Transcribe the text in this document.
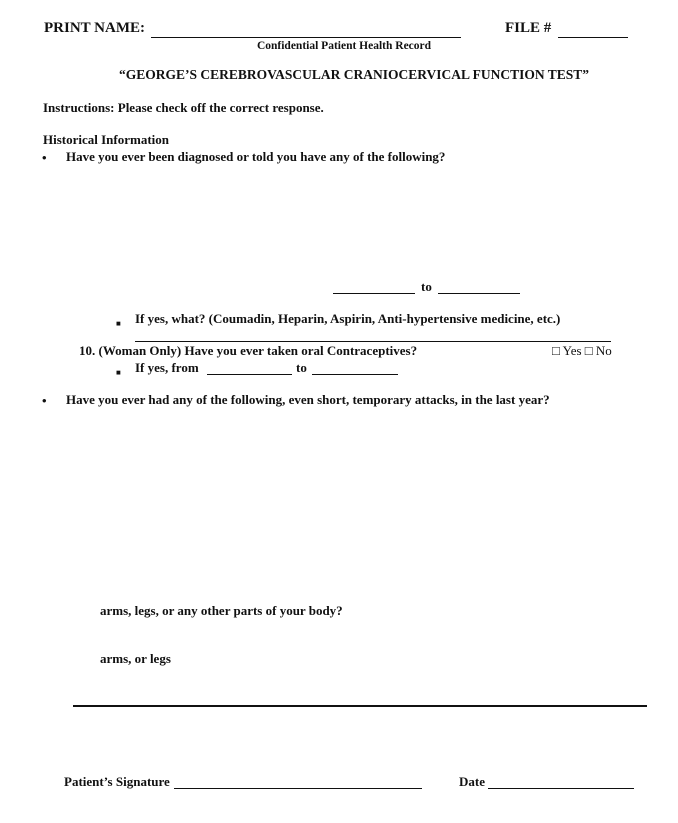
PRINT NAME:	FILE #
Confidential Patient Health Record
“GEORGE’S CEREBROVASCULAR CRANIOCERVICAL FUNCTION TEST”
Instructions: Please check off the correct response.
Historical Information
• Have you ever been diagnosed or told you have any of the following?
to
■ If yes, what? (Coumadin, Heparin, Aspirin, Anti-hypertensive medicine, etc.)
10. (Woman Only) Have you ever taken oral Contraceptives?	□ Yes □ No
■ If yes, from	to
• Have you ever had any of the following, even short, temporary attacks, in the last year?
arms, legs, or any other parts of your body?
arms, or legs
Patient’s Signature	Date
